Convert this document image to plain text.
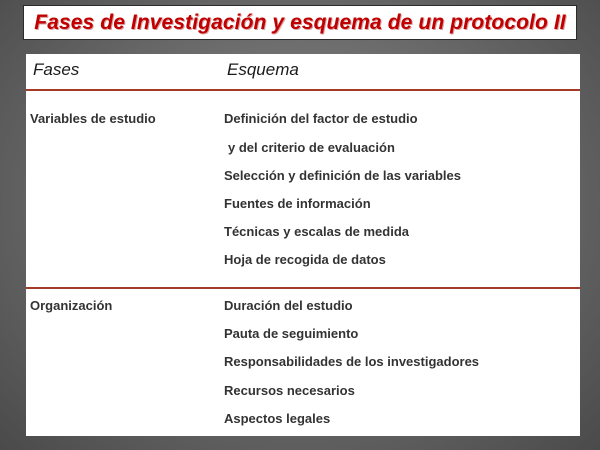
Fases de Investigación y esquema de un protocolo II
Fases	Esquema
Variables de estudio	Definición del factor de estudio
y del criterio de evaluación
Selección y definición de las variables
Fuentes de información
Técnicas y escalas de medida
Hoja de recogida de datos
Organización	Duración del estudio
Pauta de seguimiento
Responsabilidades de los investigadores
Recursos necesarios
Aspectos legales
